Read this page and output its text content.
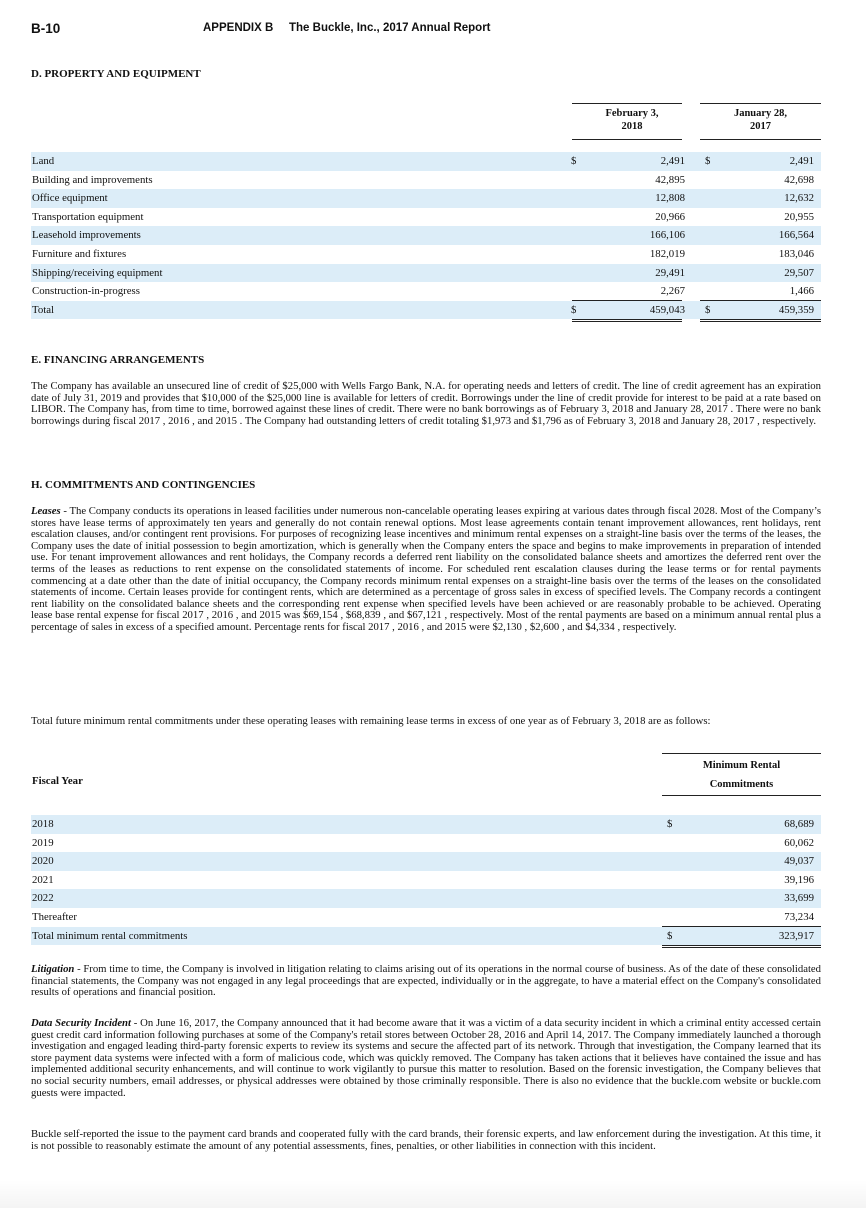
B-10	APPENDIX B The Buckle, Inc., 2017 Annual Report
D. PROPERTY AND EQUIPMENT
February 3,
2018
January 28,
2017
Land	$	2,491 $	2,491
Building and improvements	42,895	42,698
Office equipment	12,808	12,632
Transportation equipment	20,966	20,955
Leasehold improvements	166,106	166,564
Furniture and fixtures	182,019	183,046
Shipping/receiving equipment	29,491	29,507
Construction-in-progress	2,267	1,466
Total	$	459,043 $	459,359
E. FINANCING ARRANGEMENTS

The Company has available an unsecured line of credit of $25,000 with Wells Fargo Bank, N.A. for operating needs and letters of credit. The line of credit agreement has an expiration date of July 31, 2019 and provides that $10,000 of the $25,000 line is available for letters of credit. Borrowings under the line of credit provide for interest to be paid at a rate based on LIBOR. The Company has, from time to time, borrowed against these lines of credit. There were no bank borrowings as of February 3, 2018 and January 28, 2017 . There were no bank borrowings during fiscal 2017 , 2016 , and 2015 . The Company had outstanding letters of credit totaling $1,973 and $1,796 as of February 3, 2018 and January 28, 2017 , respectively.

H. COMMITMENTS AND CONTINGENCIES

Leases - The Company conducts its operations in leased facilities under numerous non-cancelable operating leases expiring at various dates through fiscal 2028. Most of the Company’s stores have lease terms of approximately ten years and generally do not contain renewal options. Most lease agreements contain tenant improvement allowances, rent holidays, rent escalation clauses, and/or contingent rent provisions. For purposes of recognizing lease incentives and minimum rental expenses on a straight-line basis over the terms of the leases, the Company uses the date of initial possession to begin amortization, which is generally when the Company enters the space and begins to make improvements in preparation of intended use. For tenant improvement allowances and rent holidays, the Company records a deferred rent liability on the consolidated balance sheets and amortizes the deferred rent over the terms of the leases as reductions to rent expense on the consolidated statements of income. For scheduled rent escalation clauses during the lease terms or for rental payments commencing at a date other than the date of initial occupancy, the Company records minimum rental expenses on a straight-line basis over the terms of the leases on the consolidated statements of income. Certain leases provide for contingent rents, which are determined as a percentage of gross sales in excess of specified levels. The Company records a contingent rent liability on the consolidated balance sheets and the corresponding rent expense when specified levels have been achieved or are reasonably probable to be achieved. Operating lease base rental expense for fiscal 2017 , 2016 , and 2015 was $69,154 , $68,839 , and $67,121 , respectively. Most of the rental payments are based on a minimum annual rental plus a percentage of sales in excess of a specified amount. Percentage rents for fiscal 2017 , 2016 , and 2015 were $2,130 , $2,600 , and $4,334 , respectively.

Total future minimum rental commitments under these operating leases with remaining lease terms in excess of one year as of February 3, 2018 are as follows:

Minimum Rental
Commitments
Fiscal Year
2018	$	68,689
2019	60,062
2020	49,037
2021	39,196
2022	33,699
Thereafter	73,234
Total minimum rental commitments	$	323,917

Litigation - From time to time, the Company is involved in litigation relating to claims arising out of its operations in the normal course of business. As of the date of these consolidated financial statements, the Company was not engaged in any legal proceedings that are expected, individually or in the aggregate, to have a material effect on the Company's consolidated results of operations and financial position.

Data Security Incident - On June 16, 2017, the Company announced that it had become aware that it was a victim of a data security incident in which a criminal entity accessed certain guest credit card information following purchases at some of the Company's retail stores between October 28, 2016 and April 14, 2017. The Company immediately launched a thorough investigation and engaged leading third-party forensic experts to review its systems and secure the affected part of its network. Through that investigation, the Company learned that its store payment data systems were infected with a form of malicious code, which was quickly removed. The Company has taken actions that it believes have contained the issue and has implemented additional security enhancements, and will continue to work vigilantly to pursue this matter to resolution. Based on the forensic investigation, the Company believes that no social security numbers, email addresses, or physical addresses were obtained by those criminally responsible. There is also no evidence that the buckle.com website or buckle.com guests were impacted.

Buckle self-reported the issue to the payment card brands and cooperated fully with the card brands, their forensic experts, and law enforcement during the investigation. At this time, it is not possible to reasonably estimate the amount of any potential assessments, fines, penalties, or other liabilities in connection with this incident.
